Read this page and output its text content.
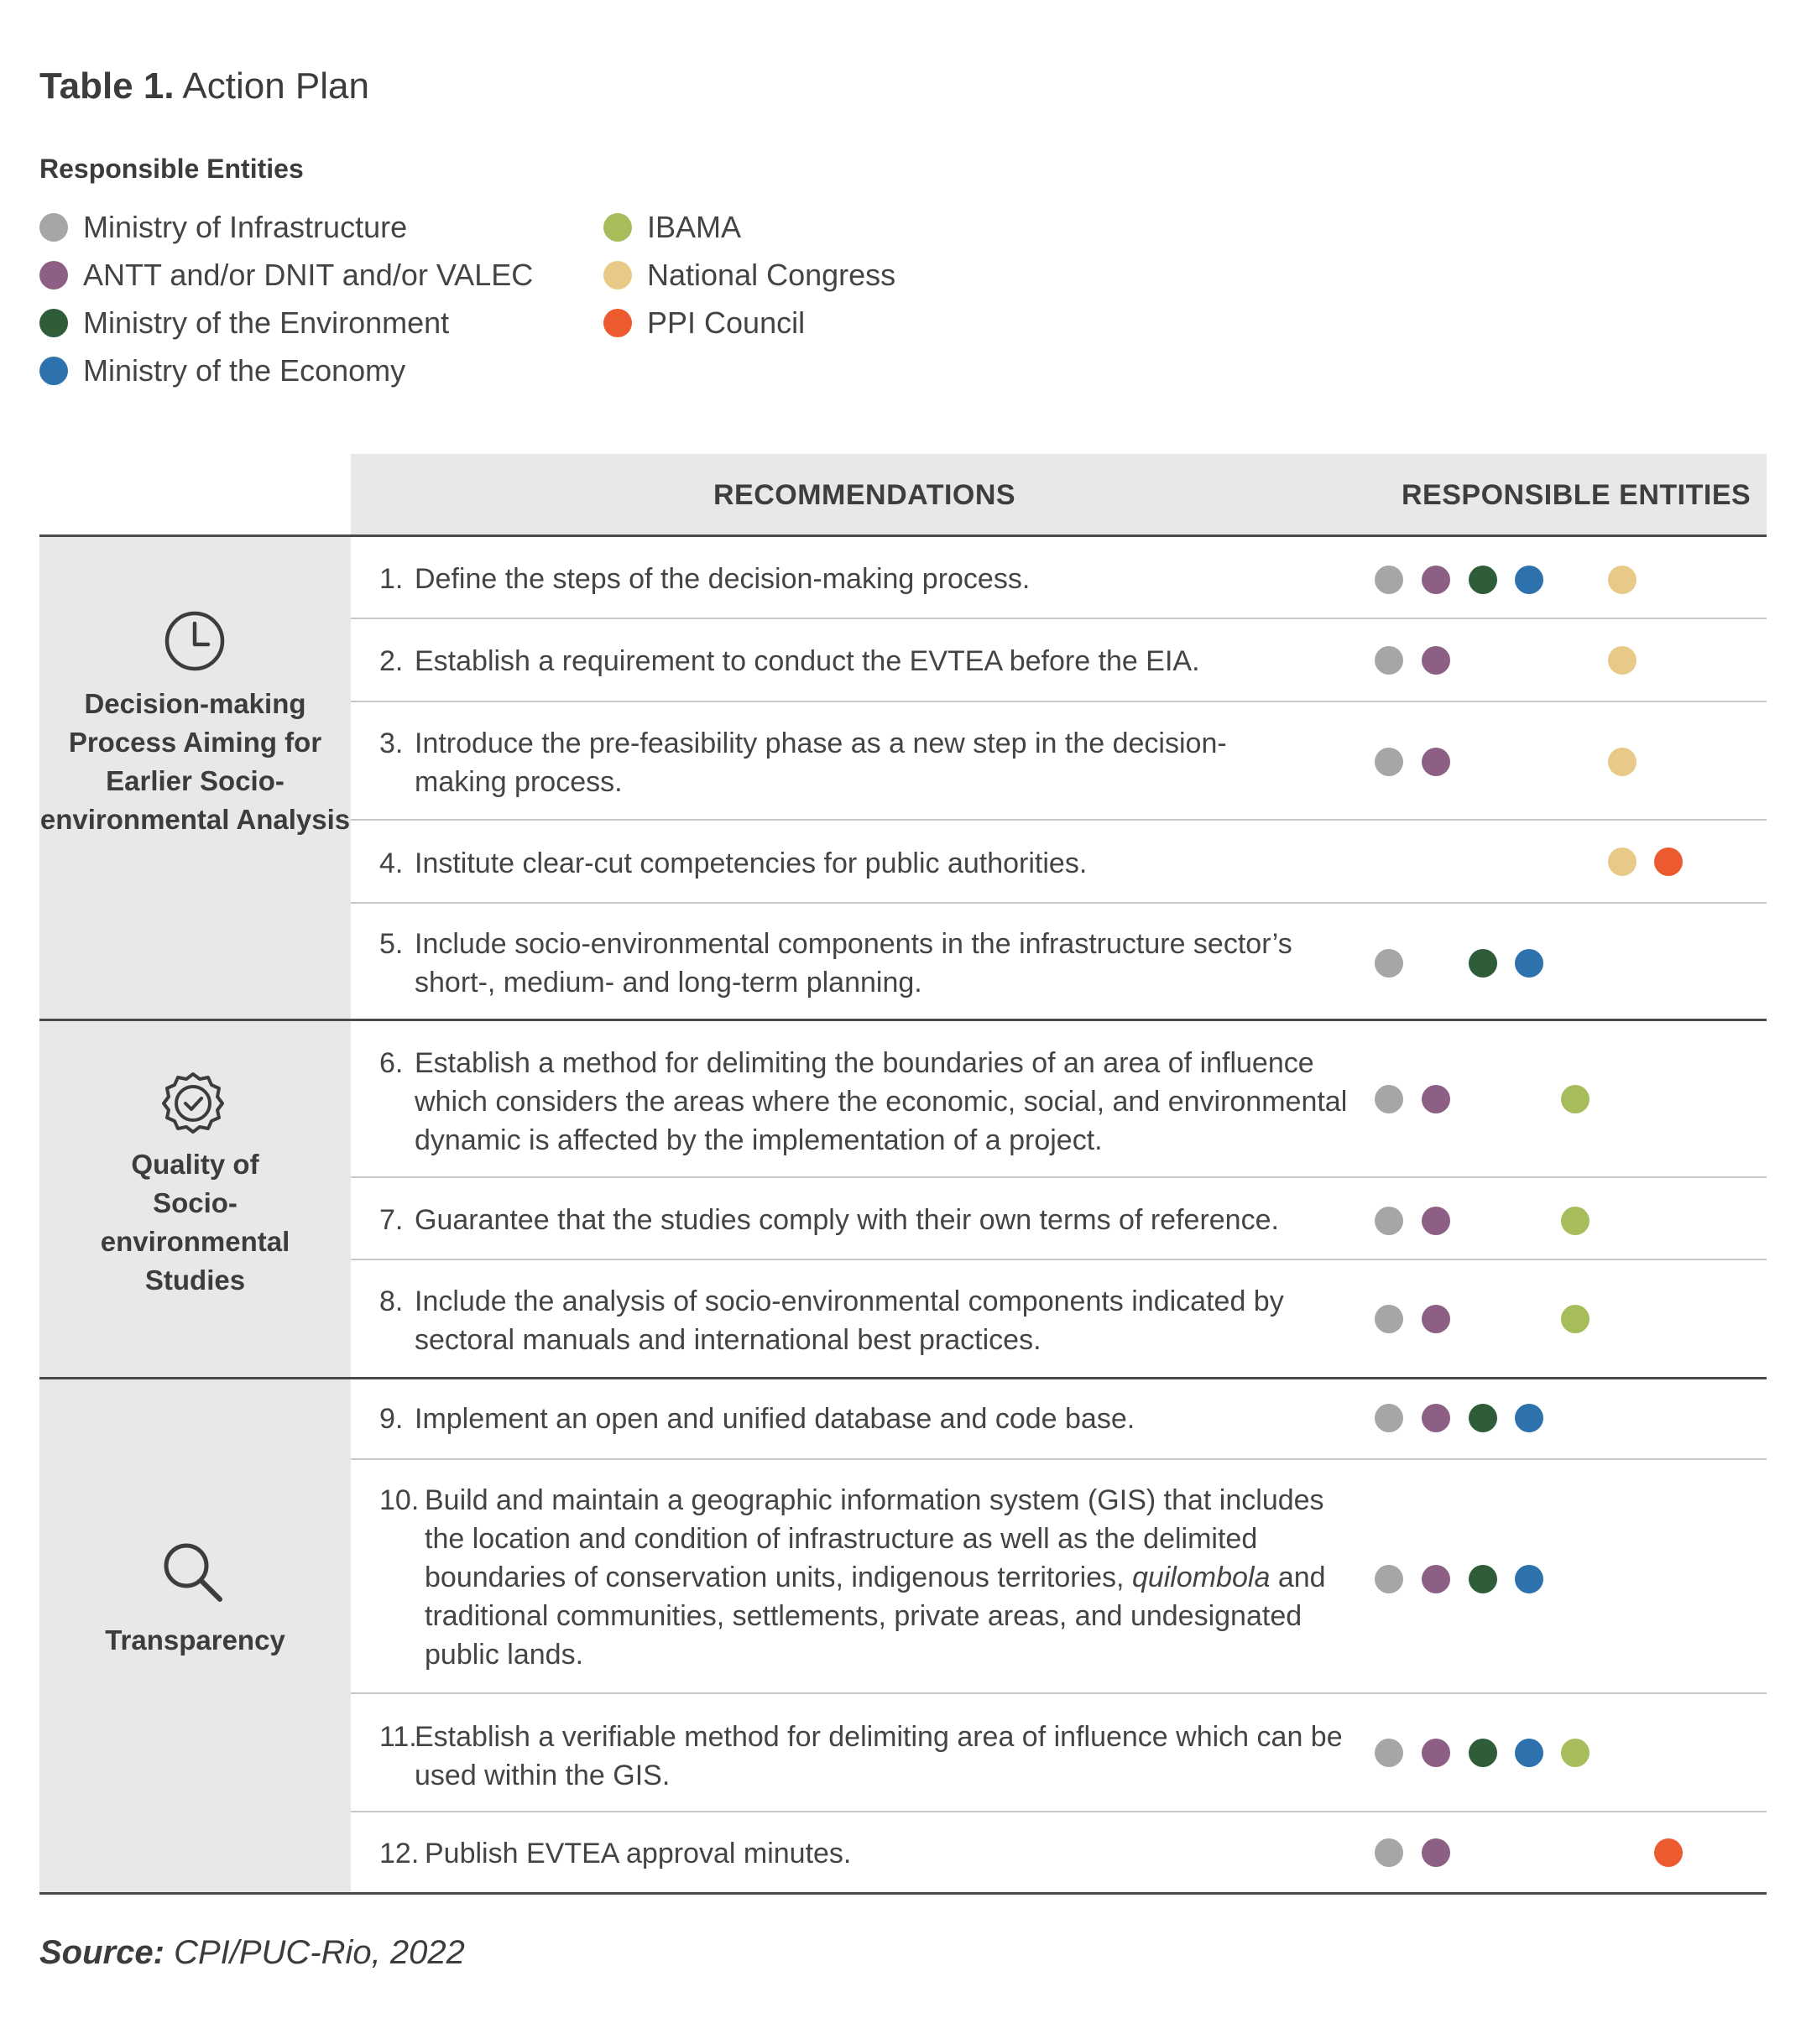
Table 1. Action Plan
Responsible Entities
Ministry of Infrastructure
ANTT and/or DNIT and/or VALEC
Ministry of the Environment
Ministry of the Economy
IBAMA
National Congress
PPI Council
RECOMMENDATIONS	RESPONSIBLE ENTITIES
Decision-making Process Aiming for Earlier Socio-environmental Analysis
Quality of Socio-environmental Studies
Transparency
1. Define the steps of the decision-making process.
2. Establish a requirement to conduct the EVTEA before the EIA.
3. Introduce the pre-feasibility phase as a new step in the decision-making process.
4. Institute clear-cut competencies for public authorities.
5. Include socio-environmental components in the infrastructure sector’s short-, medium- and long-term planning.
6. Establish a method for delimiting the boundaries of an area of influence which considers the areas where the economic, social, and environmental dynamic is affected by the implementation of a project.
7. Guarantee that the studies comply with their own terms of reference.
8. Include the analysis of socio-environmental components indicated by sectoral manuals and international best practices.
9. Implement an open and unified database and code base.
10. Build and maintain a geographic information system (GIS) that includes the location and condition of infrastructure as well as the delimited boundaries of conservation units, indigenous territories, quilombola and traditional communities, settlements, private areas, and undesignated public lands.
11.
Establish a verifiable method for delimiting area of influence which can be used within the GIS.
12. Publish EVTEA approval minutes.
Source: CPI/PUC-Rio, 2022
